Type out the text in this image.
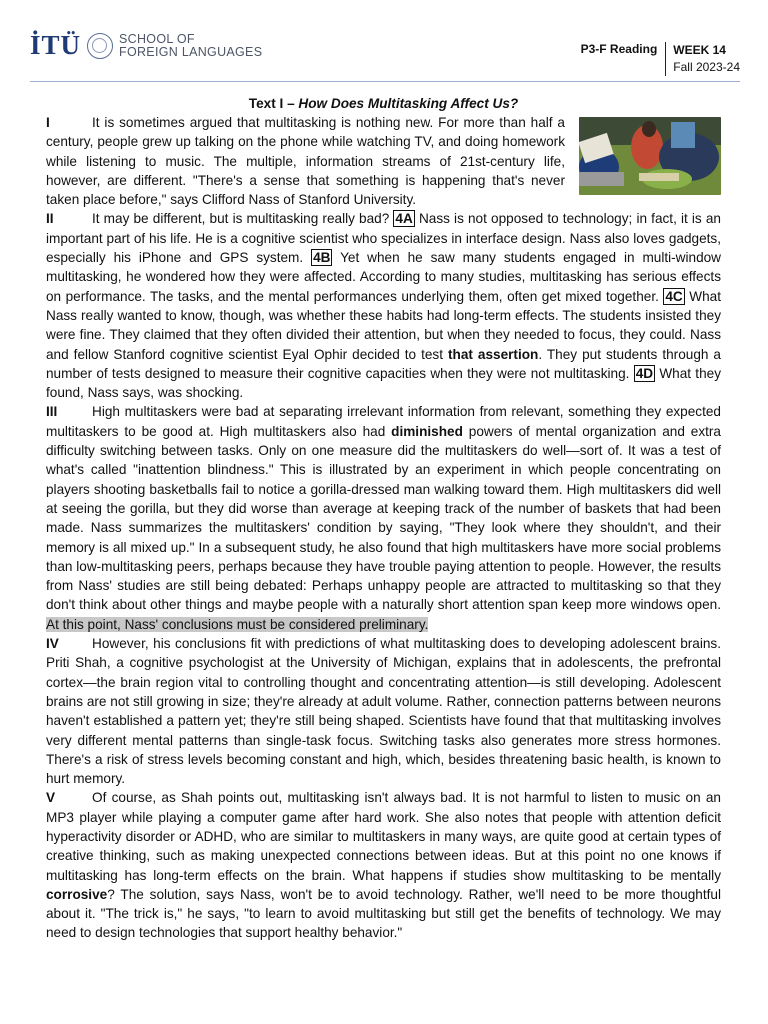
İTÜ	SCHOOL OF
FOREIGN LANGUAGES	P3-F Reading	WEEK 14
Fall 2023-24
Text I – How Does Multitasking Affect Us?

I	It is sometimes argued that multitasking is nothing new. For more than half a century, people grew up talking on the phone while watching TV, and doing homework while listening to music. The multiple, information streams of 21st-century life, however, are different. "There's a sense that something is happening that's never taken place before," says Clifford Nass of Stanford University.

II	It may be different, but is multitasking really bad? 4A Nass is not opposed to technology; in fact, it is an important part of his life. He is a cognitive scientist who specializes in interface design. Nass also loves gadgets, especially his iPhone and GPS system. 4B Yet when he saw many students engaged in multi-window multitasking, he wondered how they were affected. According to many studies, multitasking has serious effects on performance. The tasks, and the mental performances underlying them, often get mixed together. 4C What Nass really wanted to know, though, was whether these habits had long-term effects. The students insisted they were fine. They claimed that they often divided their attention, but when they needed to focus, they could. Nass and fellow Stanford cognitive scientist Eyal Ophir decided to test that assertion. They put students through a number of tests designed to measure their cognitive capacities when they were not multitasking. 4D What they found, Nass says, was shocking.

III	High multitaskers were bad at separating irrelevant information from relevant, something they expected multitaskers to be good at. High multitaskers also had diminished powers of mental organization and extra difficulty switching between tasks. Only on one measure did the multitaskers do well—sort of. It was a test of what's called "inattention blindness." This is illustrated by an experiment in which people concentrating on players shooting basketballs fail to notice a gorilla-dressed man walking toward them. High multitaskers did well at seeing the gorilla, but they did worse than average at keeping track of the number of baskets that had been made. Nass summarizes the multitaskers' condition by saying, "They look where they shouldn't, and their memory is all mixed up." In a subsequent study, he also found that high multitaskers have more social problems than low-multitasking peers, perhaps because they have trouble paying attention to people. However, the results from Nass' studies are still being debated: Perhaps unhappy people are attracted to multitasking so that they don't think about other things and maybe people with a naturally short attention span keep more windows open. At this point, Nass' conclusions must be considered preliminary.

IV However, his conclusions fit with predictions of what multitasking does to developing adolescent brains. Priti Shah, a cognitive psychologist at the University of Michigan, explains that in adolescents, the prefrontal cortex—the brain region vital to controlling thought and concentrating attention—is still developing. Adolescent brains are not still growing in size; they're already at adult volume. Rather, connection patterns between neurons haven't established a pattern yet; they're still being shaped. Scientists have found that that multitasking involves very different mental patterns than single-task focus. Switching tasks also generates more stress hormones. There's a risk of stress levels becoming constant and high, which, besides threatening basic health, is known to hurt memory.

V	Of course, as Shah points out, multitasking isn't always bad. It is not harmful to listen to music on an MP3 player while playing a computer game after hard work. She also notes that people with attention deficit hyperactivity disorder or ADHD, who are similar to multitaskers in many ways, are quite good at certain types of creative thinking, such as making unexpected connections between ideas. But at this point no one knows if multitasking has long-term effects on the brain. What happens if studies show multitasking to be mentally corrosive? The solution, says Nass, won't be to avoid technology. Rather, we'll need to be more thoughtful about it. "The trick is," he says, "to learn to avoid multitasking but still get the benefits of technology. We may need to design technologies that support healthy behavior."
